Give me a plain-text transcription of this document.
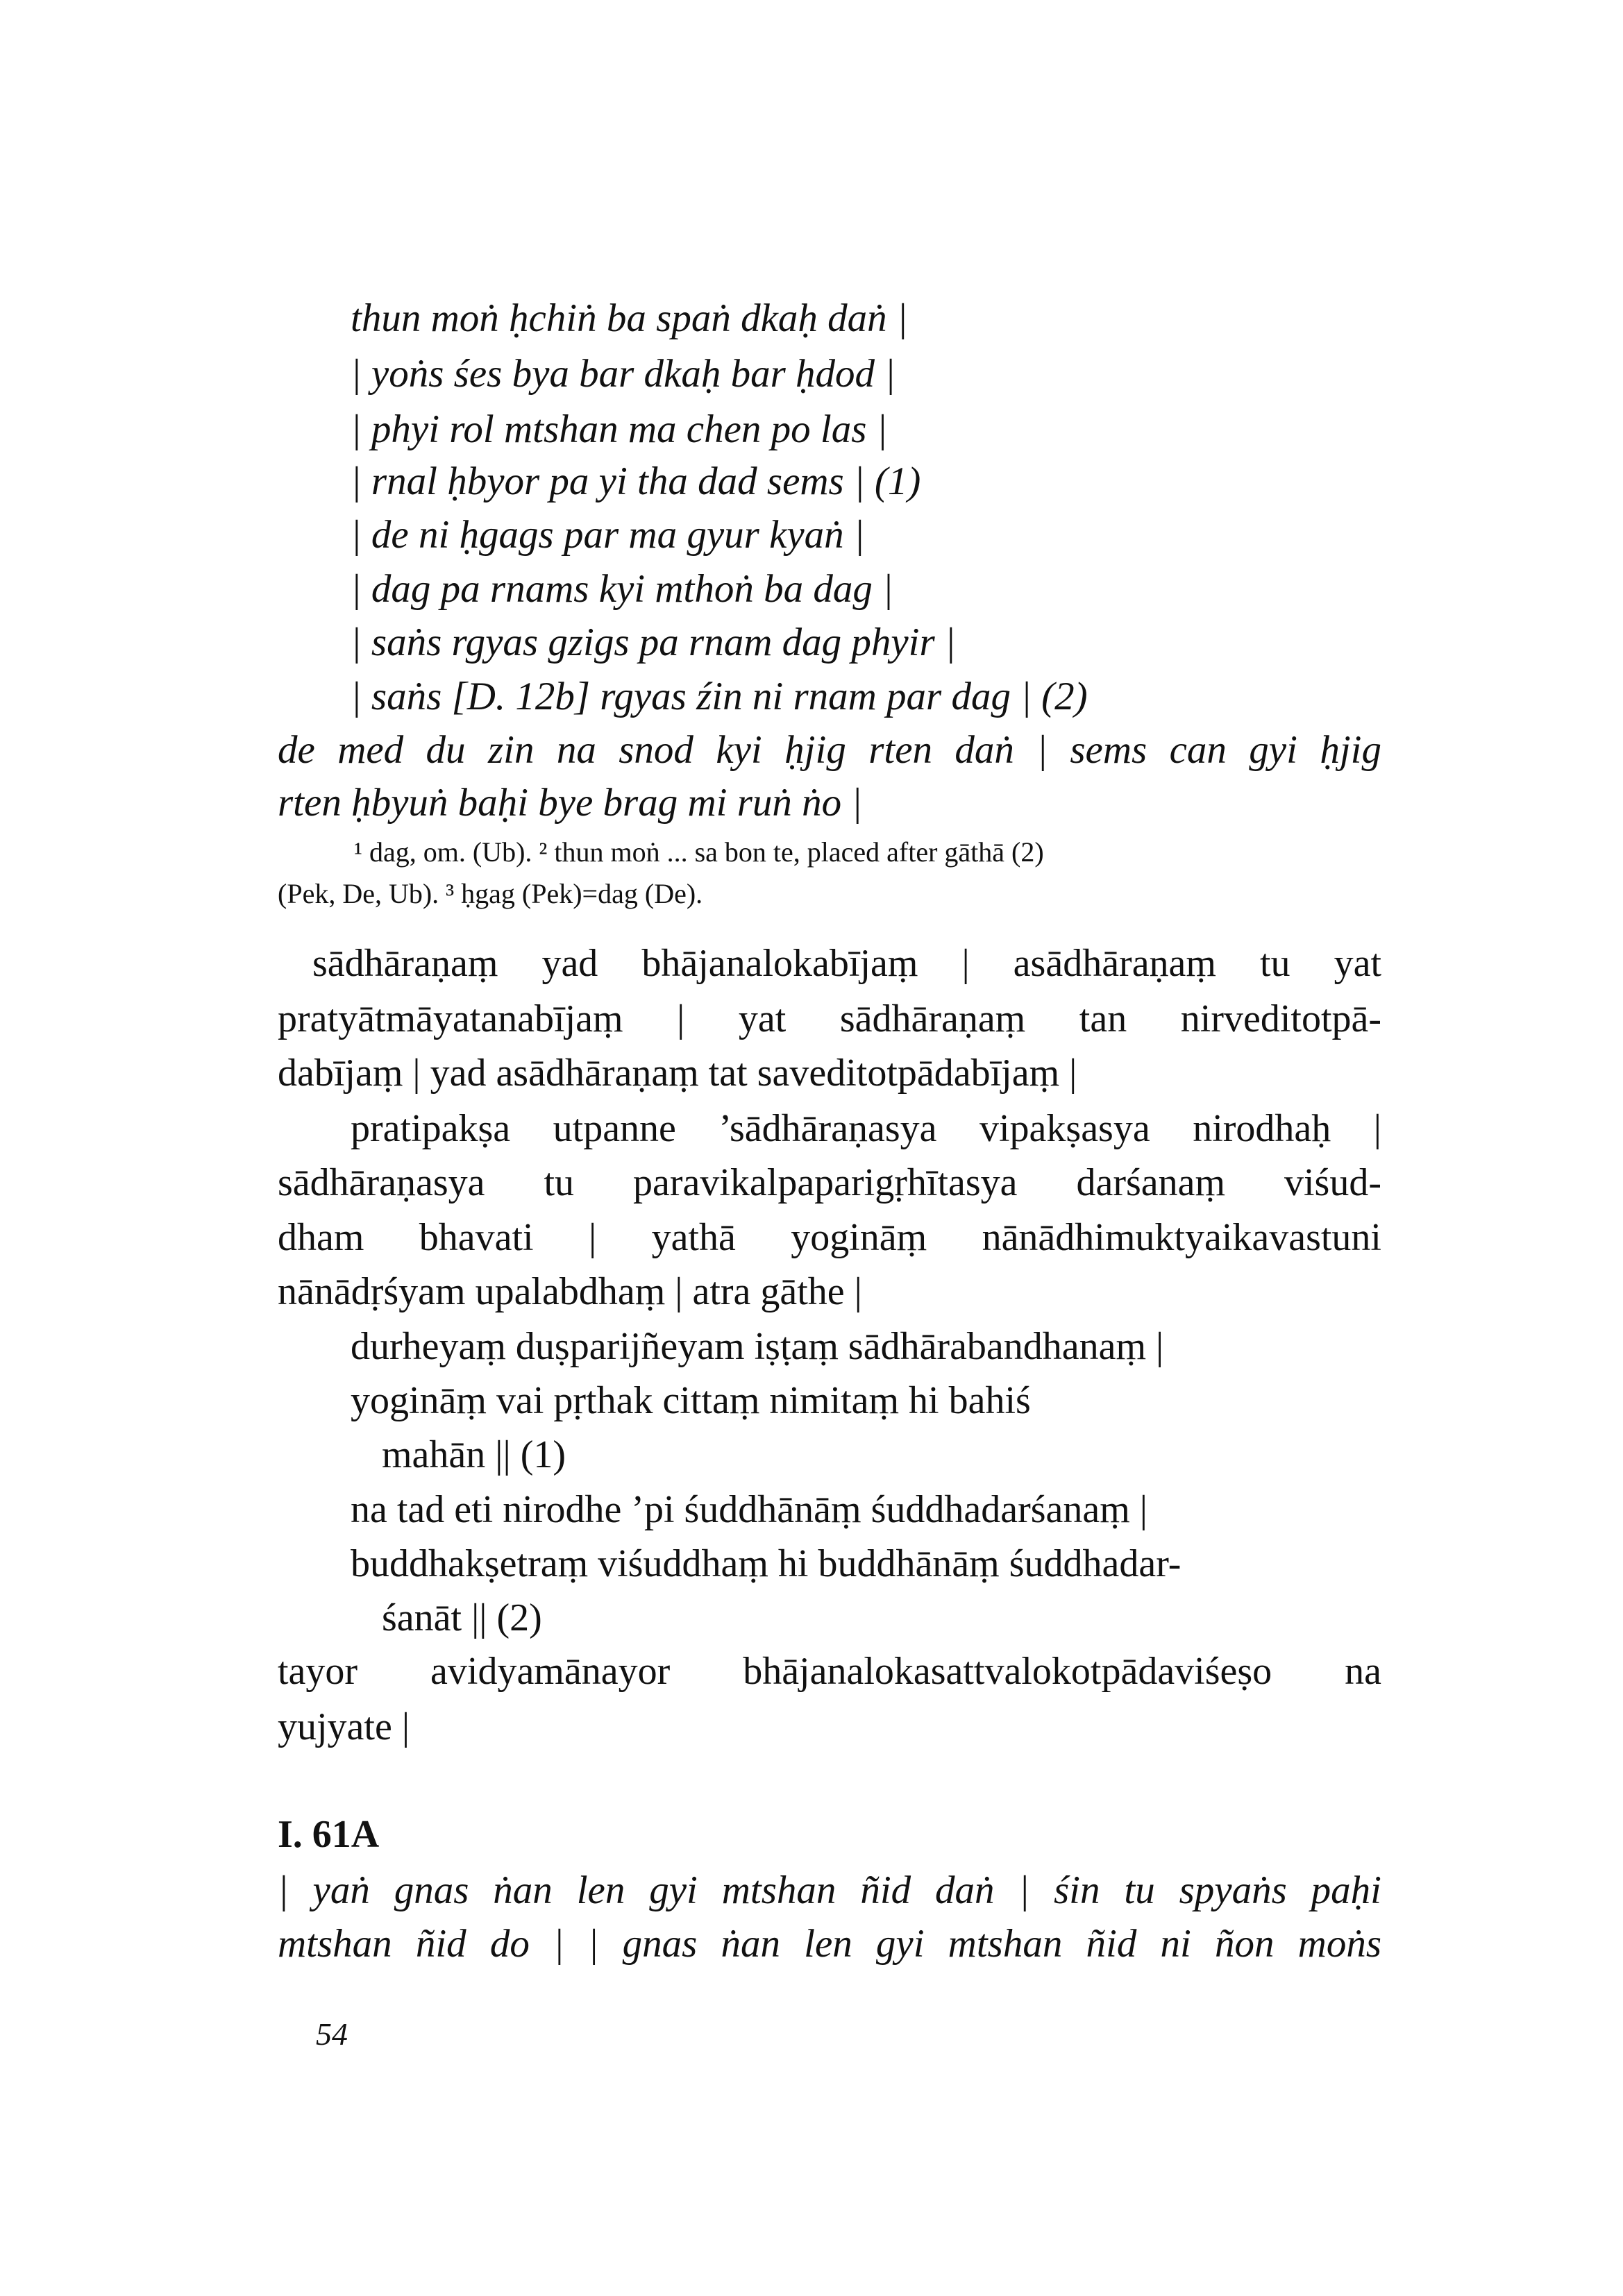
thun moṅ ḥchiṅ ba spaṅ dkaḥ daṅ |
| yoṅs śes bya bar dkaḥ bar ḥdod |
| phyi rol mtshan ma chen po las |
| rnal ḥbyor pa yi tha dad sems | (1)
| de ni ḥgags par ma gyur kyaṅ |
| dag pa rnams kyi mthoṅ ba dag |
| saṅs rgyas gzigs pa rnam dag phyir |
| saṅs [D. 12b] rgyas źin ni rnam par dag | (2)
de med du zin na snod kyi ḥjig rten daṅ | sems can gyi ḥjig
rten ḥbyuṅ baḥi bye brag mi ruṅ ṅo |
¹ dag, om. (Ub). ² thun moṅ ... sa bon te, placed after gāthā (2)
(Pek, De, Ub). ³ ḥgag (Pek)=dag (De).
sādhāraṇaṃ yad bhājanalokabījaṃ | asādhāraṇaṃ tu yat
pratyātmāyatanabījaṃ | yat sādhāraṇaṃ tan nirveditotpā-
dabījaṃ | yad asādhāraṇaṃ tat saveditotpādabījaṃ |
pratipakṣa utpanne ’sādhāraṇasya vipakṣasya nirodhaḥ |
sādhāraṇasya tu paravikalpaparigṛhītasya darśanaṃ viśud-
dham bhavati | yathā yogināṃ nānādhimuktyaikavastuni
nānādṛśyam upalabdhaṃ | atra gāthe |
durheyaṃ duṣparijñeyam iṣṭaṃ sādhārabandhanaṃ |
yogināṃ vai pṛthak cittaṃ nimitaṃ hi bahiś
mahān || (1)
na tad eti nirodhe ’pi śuddhānāṃ śuddhadarśanaṃ |
buddhakṣetraṃ viśuddhaṃ hi buddhānāṃ śuddhadar-
śanāt || (2)
tayor avidyamānayor bhājanalokasattvalokotpādaviśeṣo na
yujyate |
I. 61A
| yaṅ gnas ṅan len gyi mtshan ñid daṅ | śin tu spyaṅs paḥi
mtshan ñid do | | gnas ṅan len gyi mtshan ñid ni ñon moṅs
54
